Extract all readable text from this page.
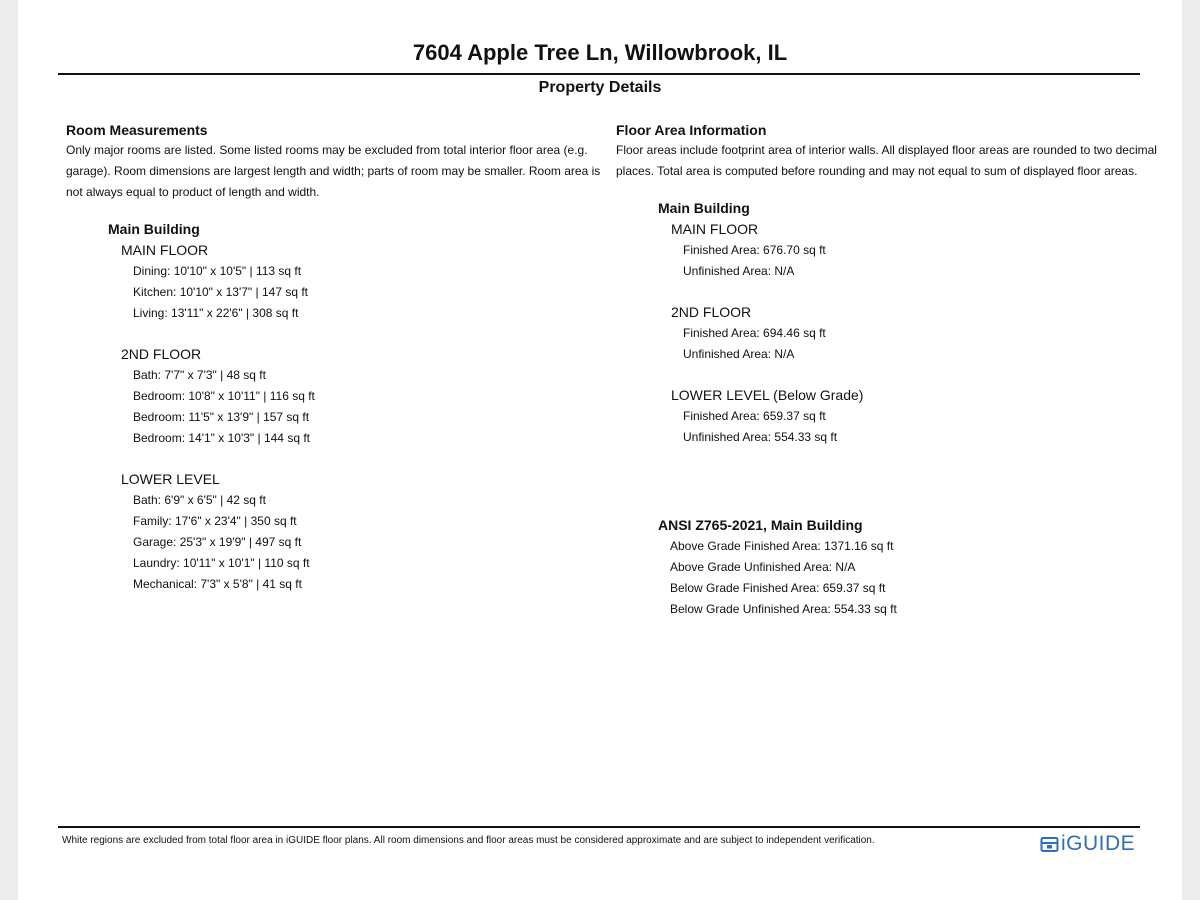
7604 Apple Tree Ln, Willowbrook, IL
Property Details
Room Measurements
Only major rooms are listed. Some listed rooms may be excluded from total interior floor area (e.g. garage). Room dimensions are largest length and width; parts of room may be smaller. Room area is not always equal to product of length and width.
Main Building
MAIN FLOOR
Dining: 10'10" x 10'5" | 113 sq ft
Kitchen: 10'10" x 13'7" | 147 sq ft
Living: 13'11" x 22'6" | 308 sq ft
2ND FLOOR
Bath: 7'7" x 7'3" | 48 sq ft
Bedroom: 10'8" x 10'11" | 116 sq ft
Bedroom: 11'5" x 13'9" | 157 sq ft
Bedroom: 14'1" x 10'3" | 144 sq ft
LOWER LEVEL
Bath: 6'9" x 6'5" | 42 sq ft
Family: 17'6" x 23'4" | 350 sq ft
Garage: 25'3" x 19'9" | 497 sq ft
Laundry: 10'11" x 10'1" | 110 sq ft
Mechanical: 7'3" x 5'8" | 41 sq ft
Floor Area Information
Floor areas include footprint area of interior walls. All displayed floor areas are rounded to two decimal places. Total area is computed before rounding and may not equal to sum of displayed floor areas.
Main Building
MAIN FLOOR
Finished Area: 676.70 sq ft
Unfinished Area: N/A
2ND FLOOR
Finished Area: 694.46 sq ft
Unfinished Area: N/A
LOWER LEVEL (Below Grade)
Finished Area: 659.37 sq ft
Unfinished Area: 554.33 sq ft
ANSI Z765-2021, Main Building
Above Grade Finished Area: 1371.16 sq ft
Above Grade Unfinished Area: N/A
Below Grade Finished Area: 659.37 sq ft
Below Grade Unfinished Area: 554.33 sq ft
White regions are excluded from total floor area in iGUIDE floor plans. All room dimensions and floor areas must be considered approximate and are subject to independent verification.	iGUIDE
